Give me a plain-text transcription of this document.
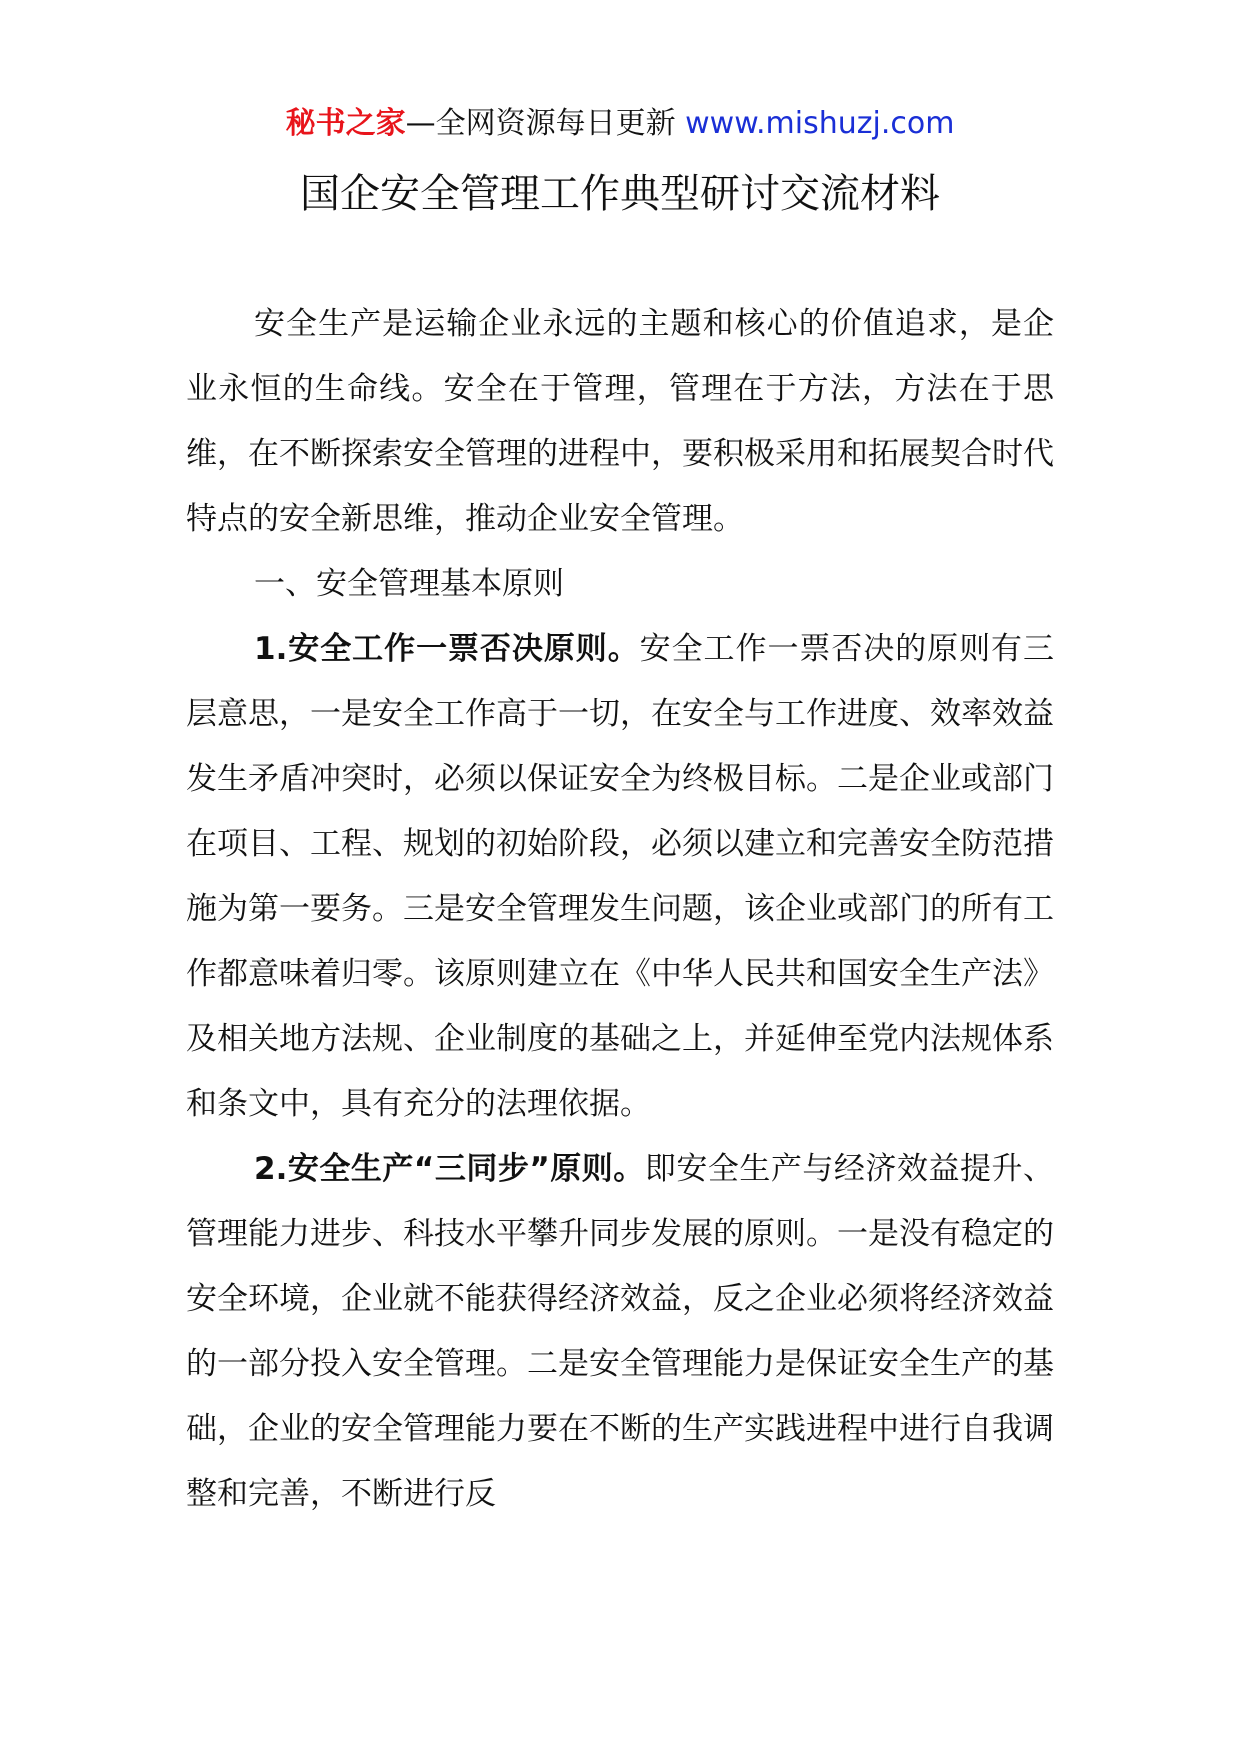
秘书之家—全网资源每日更新 www.mishuzj.com
国企安全管理工作典型研讨交流材料

安全生产是运输企业永远的主题和核心的价值追求，是企业永恒的生命线。安全在于管理，管理在于方法，方法在于思维，在不断探索安全管理的进程中，要积极采用和拓展契合时代特点的安全新思维，推动企业安全管理。

一、安全管理基本原则

1.安全工作一票否决原则。安全工作一票否决的原则有三层意思，一是安全工作高于一切，在安全与工作进度、效率效益发生矛盾冲突时，必须以保证安全为终极目标。二是企业或部门在项目、工程、规划的初始阶段，必须以建立和完善安全防范措施为第一要务。三是安全管理发生问题，该企业或部门的所有工作都意味着归零。该原则建立在《中华人民共和国安全生产法》及相关地方法规、企业制度的基础之上，并延伸至党内法规体系和条文中，具有充分的法理依据。

2.安全生产“三同步”原则。即安全生产与经济效益提升、管理能力进步、科技水平攀升同步发展的原则。一是没有稳定的安全环境，企业就不能获得经济效益，反之企业必须将经济效益的一部分投入安全管理。二是安全管理能力是保证安全生产的基础，企业的安全管理能力要在不断的生产实践进程中进行自我调整和完善，不断进行反
